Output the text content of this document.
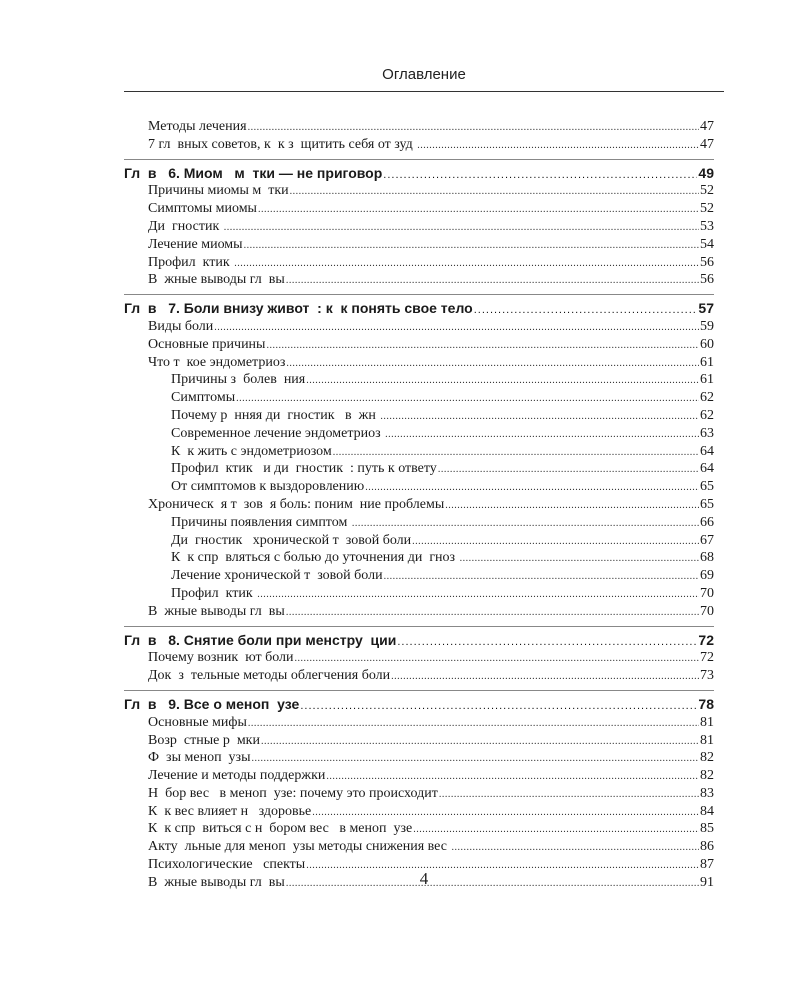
Оглавление
Методы лечения .....	47
7 гл  вных советов, к  к з  щитить себя от зуд .....	47
Гл  в   6. Миом   м  тки — не приговор .....	49
Причины миомы м  тки .....	52
Симптомы миомы .....	52
Ди  гностик .....	53
Лечение миомы .....	54
Профил  ктик .....	56
В  жные выводы гл  вы .....	56
Гл  в   7. Боли внизу живот  : к  к понять свое тело .....	57
Виды боли .....	59
Основные причины .....	60
Что т  кое эндометриоз .....	61
Причины з  болев  ния .....	61
Симптомы .....	62
Почему р  нняя ди  гностик   в  жн .....	62
Современное лечение эндометриоз .....	63
К  к жить с эндометриозом .....	64
Профил  ктик   и ди  гностик  : путь к ответу .....	64
От симптомов к выздоровлению .....	65
Хроническ  я т  зов  я боль: поним  ние проблемы .....	65
Причины появления симптом .....	66
Ди  гностик   хронической т  зовой боли .....	67
К  к спр  вляться с болью до уточнения ди  гноз .....	68
Лечение хронической т  зовой боли .....	69
Профил  ктик .....	70
В  жные выводы гл  вы .....	70
Гл  в   8. Снятие боли при менстру  ции .....	72
Почему возник  ют боли .....	72
Док  з  тельные методы облегчения боли .....	73
Гл  в   9. Все о меноп  узе .....	78
Основные мифы .....	81
Возр  стные р  мки .....	81
Ф  зы меноп  узы .....	82
Лечение и методы поддержки .....	82
Н  бор вес   в меноп  узе: почему это происходит .....	83
К  к вес влияет н   здоровье .....	84
К  к спр  виться с н  бором вес   в меноп  узе .....	85
Акту  льные для меноп  узы методы снижения вес .....	86
Психологические   спекты .....	87
В  жные выводы гл  вы .....	91
4
